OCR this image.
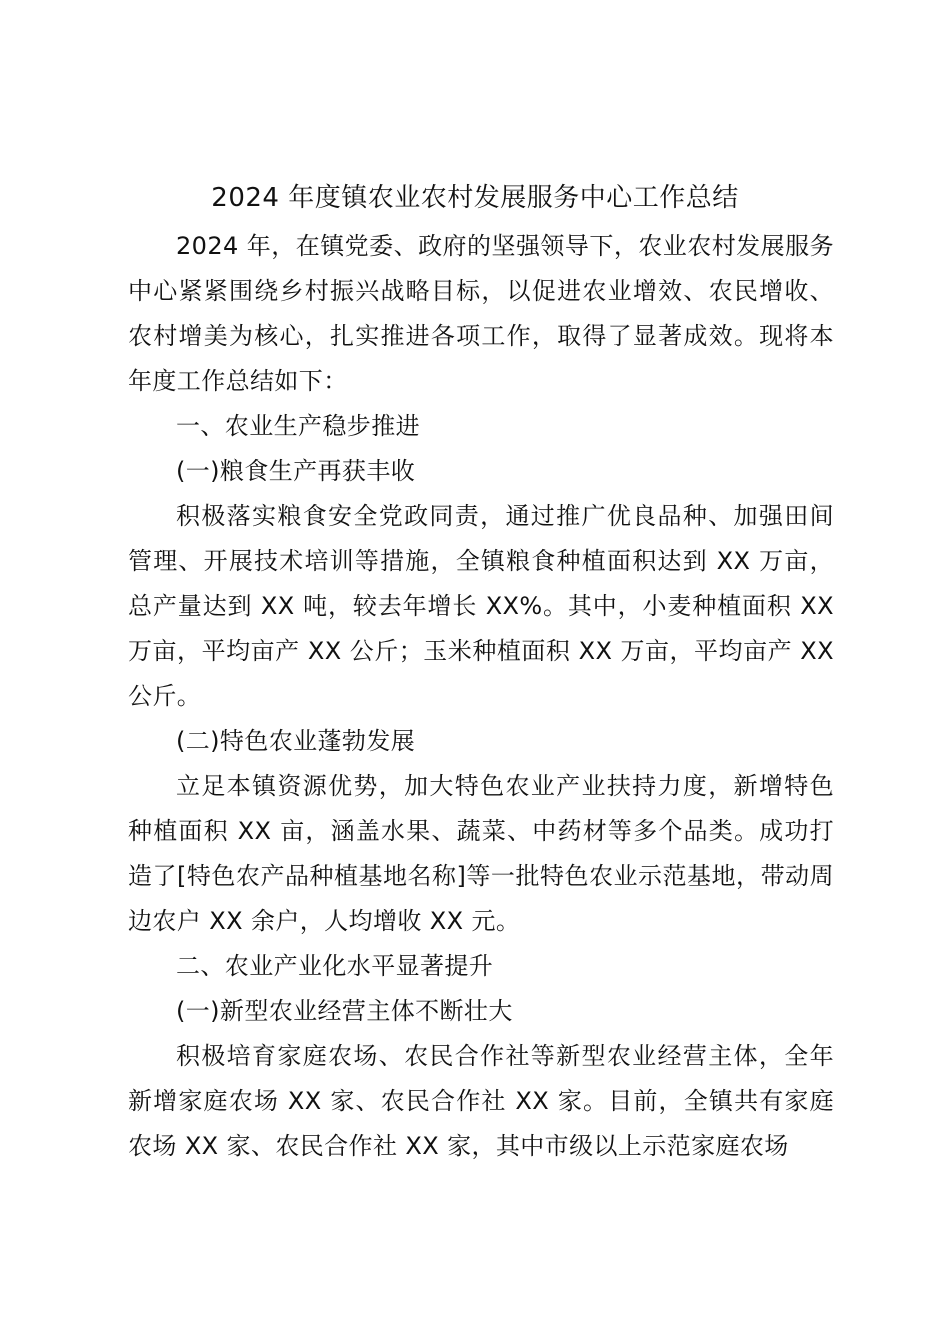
2024 年度镇农业农村发展服务中心工作总结

2024 年，在镇党委、政府的坚强领导下，农业农村发展服务中心紧紧围绕乡村振兴战略目标，以促进农业增效、农民增收、农村增美为核心，扎实推进各项工作，取得了显著成效。现将本年度工作总结如下：

一、农业生产稳步推进

(一)粮食生产再获丰收

积极落实粮食安全党政同责，通过推广优良品种、加强田间管理、开展技术培训等措施，全镇粮食种植面积达到 XX 万亩，总产量达到 XX 吨，较去年增长 XX%。其中，小麦种植面积 XX 万亩，平均亩产 XX 公斤；玉米种植面积 XX 万亩，平均亩产 XX 公斤。

(二)特色农业蓬勃发展

立足本镇资源优势，加大特色农业产业扶持力度，新增特色种植面积 XX 亩，涵盖水果、蔬菜、中药材等多个品类。成功打造了[特色农产品种植基地名称]等一批特色农业示范基地，带动周边农户 XX 余户，人均增收 XX 元。

二、农业产业化水平显著提升

(一)新型农业经营主体不断壮大

积极培育家庭农场、农民合作社等新型农业经营主体，全年新增家庭农场 XX 家、农民合作社 XX 家。目前，全镇共有家庭农场 XX 家、农民合作社 XX 家，其中市级以上示范家庭农场
